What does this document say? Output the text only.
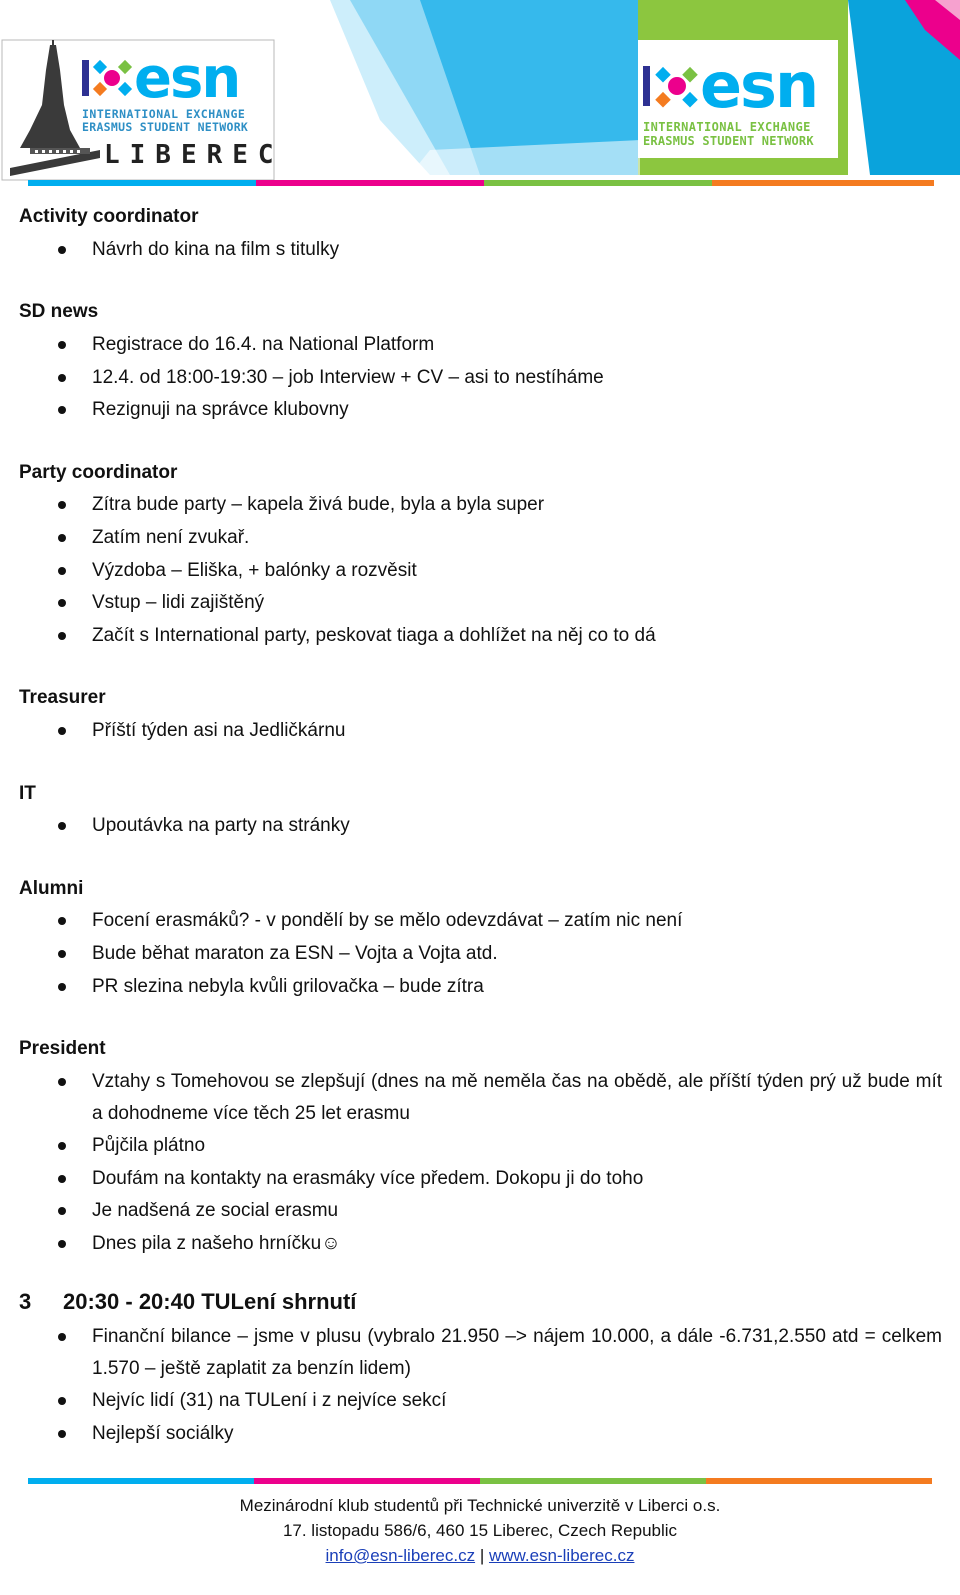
esn
INTERNATIONAL EXCHANGE
ERASMUS STUDENT NETWORK
LIBEREC
esn
INTERNATIONAL EXCHANGE
ERASMUS STUDENT NETWORK
Activity coordinator
Návrh do kina na film s titulky
SD news
Registrace do 16.4. na National Platform
12.4. od 18:00-19:30 – job Interview + CV – asi to nestíháme
Rezignuji na správce klubovny
Party coordinator
Zítra bude party – kapela živá bude, byla a byla super
Zatím není zvukař.
Výzdoba – Eliška, + balónky a rozvěsit
Vstup – lidi zajištěný
Začít s International party, peskovat tiaga a dohlížet na něj co to dá
Treasurer
Příští týden asi na Jedličkárnu
IT
Upoutávka na party na stránky
Alumni
Focení erasmáků? - v pondělí by se mělo odevzdávat – zatím nic není
Bude běhat maraton za ESN – Vojta a Vojta atd.
PR slezina nebyla kvůli grilovačka – bude zítra
President
Vztahy s Tomehovou se zlepšují (dnes na mě neměla čas na obědě, ale příští týden prý už bude mít a dohodneme více těch 25 let erasmu
Půjčila plátno
Doufám na kontakty na erasmáky více předem. Dokopu ji do toho
Je nadšená ze social erasmu
Dnes pila z našeho hrníčku☺
3 20:30 - 20:40 TULení shrnutí
Finanční bilance – jsme v plusu (vybralo 21.950 –> nájem 10.000, a dále -6.731,2.550 atd = celkem 1.570 – ještě zaplatit za benzín lidem)
Nejvíc lidí (31) na TULení i z nejvíce sekcí
Nejlepší sociálky
Mezinárodní klub studentů při Technické univerzitě v Liberci o.s.
17. listopadu 586/6, 460 15 Liberec, Czech Republic
info@esn-liberec.cz | www.esn-liberec.cz
